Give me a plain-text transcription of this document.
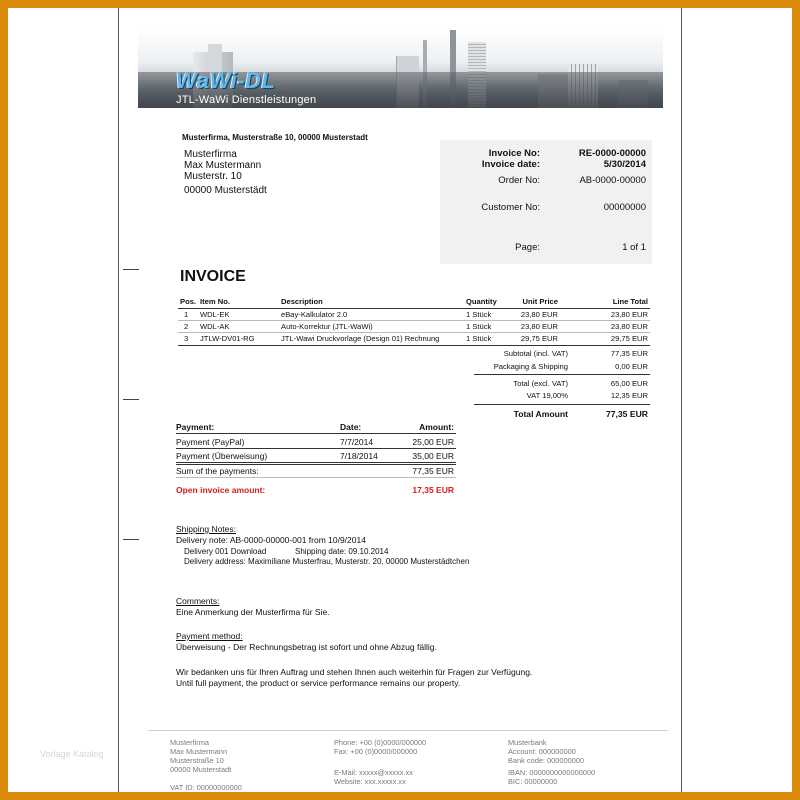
Vorlage Katalog
WaWi-DL
JTL-WaWi Dienstleistungen
Musterfirma, Musterstraße 10, 00000 Musterstadt
Musterfirma
Max Mustermann
Musterstr. 10
00000 Musterstädt
Invoice No:	RE-0000-00000
Invoice date:	5/30/2014
Order No:	AB-0000-00000
Customer No:	00000000
Page:	1 of 1
INVOICE
Pos. Item No.	Description	Quantity	Unit Price	Line Total
1 WDL-EK	eBay-Kalkulator 2.0	1 Stück	23,80 EUR	23,80 EUR
2 WDL-AK	Auto-Korrektur (JTL-WaWi)	1 Stück	23,80 EUR	23,80 EUR
3 JTLW-DV01-RG	JTL-Wawi Druckvorlage (Design 01) Rechnung	1 Stück	29,75 EUR	29,75 EUR
Subtotal (incl. VAT)	77,35 EUR
Packaging & Shipping	0,00 EUR
Total (excl. VAT)	65,00 EUR
VAT 19,00%	12,35 EUR
Total Amount	77,35 EUR
Payment:	Date:	Amount:
Payment (PayPal)	7/7/2014	25,00 EUR
Payment (Überweisung)	7/18/2014	35,00 EUR
Sum of the payments:	77,35 EUR
Open invoice amount:	17,35 EUR
Shipping Notes:
Delivery note: AB-0000-00000-001 from 10/9/2014
Delivery 001 Download	Shipping date: 09.10.2014
Delivery address: Maximiliane Musterfrau, Musterstr. 20, 00000 Musterstädtchen
Comments:
Eine Anmerkung der Musterfirma für Sie.
Payment method:
Überweisung - Der Rechnungsbetrag ist sofort und ohne Abzug fällig.
Wir bedanken uns für Ihren Auftrag und stehen Ihnen auch weiterhin für Fragen zur Verfügung.
Until full payment, the product or service performance remains our property.
Musterfirma
Max Mustermann
Musterstraße 10
00000 Musterstadt
VAT ID: 00000000000
Phone: +00 (0)0000/000000
Fax: +00 (0)0000/000000
E-Mail: xxxxx@xxxxx.xx
Website: xxx.xxxxx.xx
Musterbank
Account: 000000000
Bank code: 000000000
IBAN: 0000000000000000
BIC: 00000000
